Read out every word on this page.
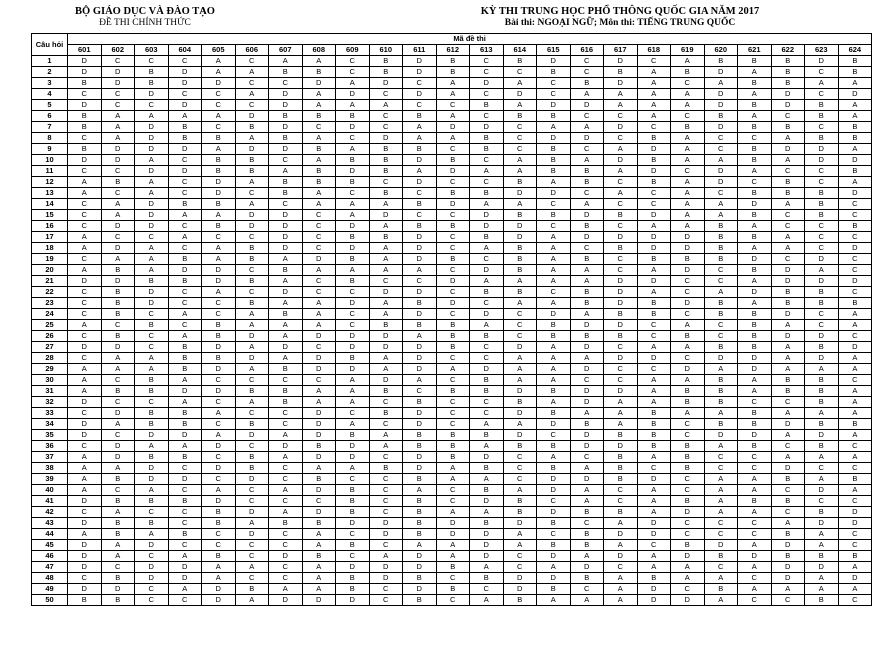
BỘ GIÁO DỤC VÀ ĐÀO TẠO
ĐỀ THI CHÍNH THỨC
KỲ THI TRUNG HỌC PHỔ THÔNG QUỐC GIA NĂM 2017
Bài thi: NGOẠI NGỮ; Môn thi: TIẾNG TRUNG QUỐC
Câu hỏi	Mã đề thi																							
	601	602	603	604	605	606	607	608	609	610	611	612	613	614	615	616	617	618	619	620	621	622	623	624
1	D	C	C	C	A	C	A	A	C	B	D	B	C	B	D	C	D	C	A	B	B	B	D	B
2	D	D	B	D	A	A	B	B	C	B	D	B	C	C	B	C	B	A	B	D	A	B	C	B
3	B	D	B	D	D	C	C	D	A	D	C	A	D	A	C	B	D	A	C	A	B	B	A	A
4	C	C	D	C	C	A	D	A	D	C	D	A	C	D	C	A	A	A	A	D	A	D	C	D
5	D	C	C	D	C	C	D	A	A	A	C	C	B	A	D	D	A	A	A	D	B	D	B	A
6	B	A	A	A	A	D	B	B	B	C	B	A	C	B	B	C	C	A	C	B	A	C	B	A
7	B	A	D	B	C	B	D	C	D	C	A	D	D	C	A	A	D	C	B	D	B	B	C	B
8	C	A	D	B	B	A	B	A	C	D	A	A	B	C	D	D	C	B	A	C	C	A	B	B
9	B	D	D	D	A	D	D	B	A	B	B	C	B	C	B	C	A	D	A	C	B	D	D	A
10	D	D	A	C	B	B	C	A	B	B	D	B	C	A	B	A	D	B	A	A	B	A	D	D
11	C	C	D	D	B	B	A	B	D	B	A	D	A	A	B	B	A	D	C	D	A	C	C	B
12	A	B	A	C	D	A	B	B	B	C	D	C	C	B	A	B	C	B	A	D	C	B	C	A
13	A	C	A	C	D	C	B	A	C	B	C	B	B	D	D	C	A	C	A	C	B	B	B	D
14	C	A	D	B	B	A	C	A	A	A	B	D	A	A	C	A	C	C	A	A	D	A	B	C
15	C	A	D	A	A	D	D	C	A	D	C	C	D	B	B	D	B	D	A	A	B	C	B	C
16	C	D	D	C	B	D	D	C	D	A	B	B	D	D	C	B	C	A	A	B	A	C	C	B
17	A	C	C	A	C	C	D	C	B	B	D	C	B	D	A	D	D	D	D	B	B	A	C	C
18	A	D	A	C	A	B	D	C	D	A	D	C	A	B	A	C	B	D	D	B	A	A	C	D
19	C	A	A	B	A	B	A	D	B	A	D	B	C	B	A	B	C	B	B	B	D	C	D	C
20	A	B	A	D	D	C	B	A	A	A	A	C	D	B	A	A	C	A	D	C	B	D	A	C
21	D	D	B	B	D	B	A	C	B	C	C	D	A	A	A	A	D	D	C	C	A	D	D	D
22	C	B	D	C	A	C	D	C	C	D	D	C	B	B	C	B	D	A	C	A	D	B	B	C
23	C	B	D	C	C	B	A	A	D	A	B	D	C	A	A	B	D	B	D	B	A	B	B	B
24	C	B	C	A	C	A	B	A	C	A	D	C	D	C	D	A	B	B	C	B	B	D	C	A
25	A	C	B	C	B	A	A	A	C	B	B	B	A	C	B	D	D	C	A	C	B	A	C	A
26	C	B	C	A	B	D	A	D	D	D	A	B	B	C	B	B	B	C	B	C	B	D	D	C
27	D	D	C	B	D	A	D	C	D	D	D	B	C	D	A	D	C	A	A	B	B	A	B	D
28	C	A	A	B	B	D	A	D	B	A	D	C	C	A	A	A	D	D	C	D	D	A	D	A
29	A	A	A	B	D	A	B	D	D	A	D	A	D	A	A	D	C	C	D	A	D	A	A	A
30	A	C	B	A	C	C	C	C	A	D	A	C	B	A	A	C	C	A	A	B	A	B	B	C
31	A	B	B	D	D	B	B	A	A	B	C	B	B	D	B	D	D	A	B	B	A	B	B	A
32	D	C	C	A	C	A	B	A	A	C	B	C	C	B	A	D	A	A	B	B	C	C	B	A
33	C	D	B	B	A	C	C	D	C	B	D	C	C	D	B	A	A	B	A	A	B	A	A	A
34	D	A	B	B	C	B	C	D	A	C	D	C	A	A	D	B	A	B	C	B	B	D	B	B
35	D	C	D	D	A	D	A	D	B	A	B	B	B	D	C	D	B	B	C	D	D	A	D	A
36	C	D	A	A	D	C	D	B	D	A	B	B	A	B	B	D	D	B	B	A	B	C	B	C
37	A	D	B	B	C	B	A	D	D	C	D	B	D	C	A	C	B	A	B	C	C	A	A	A
38	A	A	D	C	D	B	C	A	A	B	D	A	B	C	B	A	B	C	B	C	C	D	C	C
39	A	B	D	D	C	D	C	B	C	C	B	A	A	C	D	D	B	D	C	A	A	B	A	B
40	A	C	A	C	A	C	A	D	B	C	A	C	B	A	D	A	C	A	C	A	A	C	D	A
41	D	B	B	B	D	C	C	C	B	C	B	C	D	B	C	A	C	A	B	A	B	B	C	C
42	C	A	C	C	B	D	A	D	B	C	B	A	A	B	D	B	B	A	D	A	A	C	B	D
43	D	B	B	C	B	A	B	B	D	D	B	D	B	D	B	C	A	D	C	C	C	A	D	D
44	A	B	A	B	C	D	C	A	C	D	B	D	D	A	C	B	D	D	C	C	C	B	A	C
45	D	A	D	C	C	C	C	A	B	C	A	A	D	A	B	B	A	C	B	D	A	D	A	C
46	D	A	C	A	B	C	D	B	C	A	D	A	D	C	D	A	D	A	D	B	D	B	B	B
47	D	C	D	D	A	A	C	A	D	D	D	B	A	C	A	D	C	A	A	C	A	D	D	A
48	C	B	D	D	A	C	C	A	B	D	B	C	B	D	D	B	A	B	A	A	C	D	A	D
49	D	D	C	A	D	B	A	A	B	C	D	B	C	D	B	C	A	D	C	B	A	A	A	A
50	B	B	C	C	D	A	D	D	D	C	B	C	A	B	A	A	A	D	D	A	C	C	B	C
